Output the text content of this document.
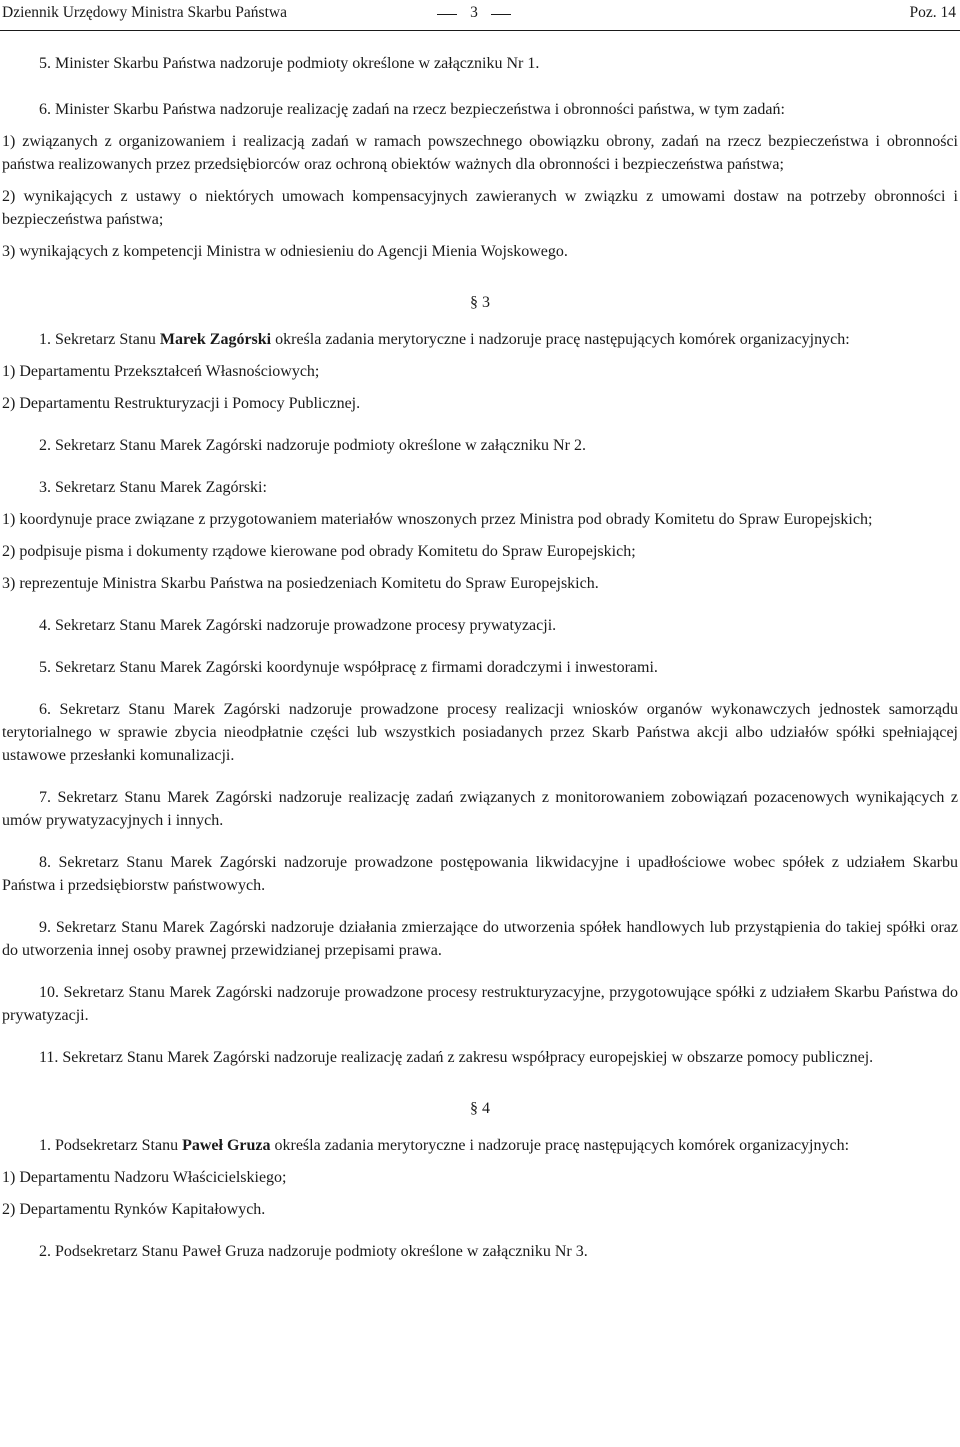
Dziennik Urzędowy Ministra Skarbu Państwa	3	Poz. 14

5. Minister Skarbu Państwa nadzoruje podmioty określone w załączniku Nr 1.

6. Minister Skarbu Państwa nadzoruje realizację zadań na rzecz bezpieczeństwa i obronności państwa, w tym zadań:

1) związanych z organizowaniem i realizacją zadań w ramach powszechnego obowiązku obrony, zadań na rzecz bezpieczeństwa i obronności państwa realizowanych przez przedsiębiorców oraz ochroną obiektów ważnych dla obronności i bezpieczeństwa państwa;

2) wynikających z ustawy o niektórych umowach kompensacyjnych zawieranych w związku z umowami dostaw na potrzeby obronności i bezpieczeństwa państwa;

3) wynikających z kompetencji Ministra w odniesieniu do Agencji Mienia Wojskowego.

§ 3

1. Sekretarz Stanu Marek Zagórski określa zadania merytoryczne i nadzoruje pracę następujących komórek organizacyjnych:

1) Departamentu Przekształceń Własnościowych;

2) Departamentu Restrukturyzacji i Pomocy Publicznej.

2. Sekretarz Stanu Marek Zagórski nadzoruje podmioty określone w załączniku Nr 2.

3. Sekretarz Stanu Marek Zagórski:

1) koordynuje prace związane z przygotowaniem materiałów wnoszonych przez Ministra pod obrady Komitetu do Spraw Europejskich;

2) podpisuje pisma i dokumenty rządowe kierowane pod obrady Komitetu do Spraw Europejskich;

3) reprezentuje Ministra Skarbu Państwa na posiedzeniach Komitetu do Spraw Europejskich.

4. Sekretarz Stanu Marek Zagórski nadzoruje prowadzone procesy prywatyzacji.

5. Sekretarz Stanu Marek Zagórski koordynuje współpracę z firmami doradczymi i inwestorami.

6. Sekretarz Stanu Marek Zagórski nadzoruje prowadzone procesy realizacji wniosków organów wykonawczych jednostek samorządu terytorialnego w sprawie zbycia nieodpłatnie części lub wszystkich posiadanych przez Skarb Państwa akcji albo udziałów spółki spełniającej ustawowe przesłanki komunalizacji.

7. Sekretarz Stanu Marek Zagórski nadzoruje realizację zadań związanych z monitorowaniem zobowiązań pozacenowych wynikających z umów prywatyzacyjnych i innych.

8. Sekretarz Stanu Marek Zagórski nadzoruje prowadzone postępowania likwidacyjne i upadłościowe wobec spółek z udziałem Skarbu Państwa i przedsiębiorstw państwowych.

9. Sekretarz Stanu Marek Zagórski nadzoruje działania zmierzające do utworzenia spółek handlowych lub przystąpienia do takiej spółki oraz do utworzenia innej osoby prawnej przewidzianej przepisami prawa.

10. Sekretarz Stanu Marek Zagórski nadzoruje prowadzone procesy restrukturyzacyjne, przygotowujące spółki z udziałem Skarbu Państwa do prywatyzacji.

11. Sekretarz Stanu Marek Zagórski nadzoruje realizację zadań z zakresu współpracy europejskiej w obszarze pomocy publicznej.

§ 4

1. Podsekretarz Stanu Paweł Gruza określa zadania merytoryczne i nadzoruje pracę następujących komórek organizacyjnych:

1) Departamentu Nadzoru Właścicielskiego;

2) Departamentu Rynków Kapitałowych.

2. Podsekretarz Stanu Paweł Gruza nadzoruje podmioty określone w załączniku Nr 3.
